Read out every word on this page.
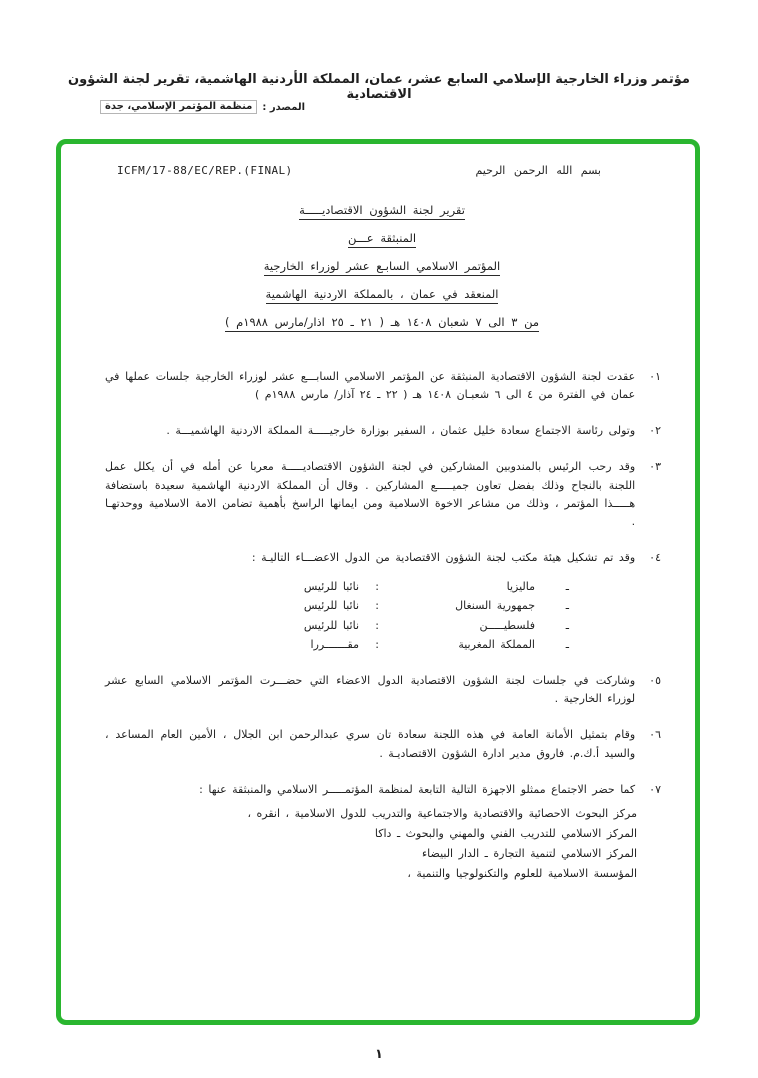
مؤتمر وزراء الخارجية الإسلامي السابع عشر، عمان، المملكة الأردنية الهاشمية، تقرير لجنة الشؤون الاقتصادية
المصدر :
منظمة المؤتمر الإسلامي، جدة
ICFM/17-88/EC/REP.(FINAL)	بسم الله الرحمن الرحيم
تقرير لجنة الشؤون الاقتصاديـــــة
المنبثقة عـــن
المؤتمر الاسلامي السابـع عشر لوزراء الخارجية
المنعقد في عمان ، بالمملكة الاردنية الهاشمية
من ٣ الى ٧ شعبان ١٤٠٨ هـ ( ٢١ ـ ٢٥ اذار/مارس ١٩٨٨م )
٠١
عقدت لجنة الشؤون الاقتصادية المنبثقة عن المؤتمر الاسلامي السابـــع عشر لوزراء الخارجية جلسات عملها في عمان في الفترة من ٤ الى ٦ شعبـان ١٤٠٨ هـ ( ٢٢ ـ ٢٤ آذار/ مارس ١٩٨٨م )
٠٢
وتولى رئاسة الاجتماع سعادة خليل عثمان ، السفير بوزارة خارجيـــــة المملكة الاردنية الهاشميـــة .
٠٣
وقد رحب الرئيس بالمندوبين المشاركين في لجنة الشؤون الاقتصاديـــــة معربا عن أمله في أن يكلل عمل اللجنة بالنجاح وذلك بفضل تعاون جميـــــع المشاركين . وقال أن المملكة الاردنية الهاشمية سعيدة باستضافة هـــــذا المؤتمر ، وذلك من مشاعر الاخوة الاسلامية ومن ايمانها الراسخ بأهمية تضامن الامة الاسلامية ووحدتهـا .
٠٤
وقد تم تشكيل هيئة مكتب لجنة الشؤون الاقتصادية من الدول الاعضـــاء التاليـة :
ـ
ماليزيا
:
نائبا للرئيس
ـ
جمهورية السنغال
:
نائبا للرئيس
ـ
فلسطيـــــن
:
نائبا للرئيس
ـ
المملكة المغربية
:
مقـــــــررا
٠٥
وشاركت في جلسات لجنة الشؤون الاقتصادية الدول الاعضاء التي حضـــرت المؤتمر الاسلامي السابع عشر لوزراء الخارجية .
٠٦
وقام بتمثيل الأمانة العامة في هذه اللجنة سعادة تان سري عبدالرحمن ابن الجلال ، الأمين العام المساعد ، والسيد أ.ك.م. فاروق مدير ادارة الشؤون الاقتصاديـة .
٠٧
كما حضر الاجتماع ممثلو الاجهزة التالية التابعة لمنظمة المؤتمـــــر الاسلامي والمنبثقة عنها :
مركز البحوث الاحصائية والاقتصادية والاجتماعية والتدريب للدول الاسلامية ، انقره ،
المركز الاسلامي للتدريب الفني والمهني والبحوث ـ داكا
المركز الاسلامي لتنمية التجارة ـ الدار البيضاء
المؤسسة الاسلامية للعلوم والتكنولوجيا والتنمية ،
١
